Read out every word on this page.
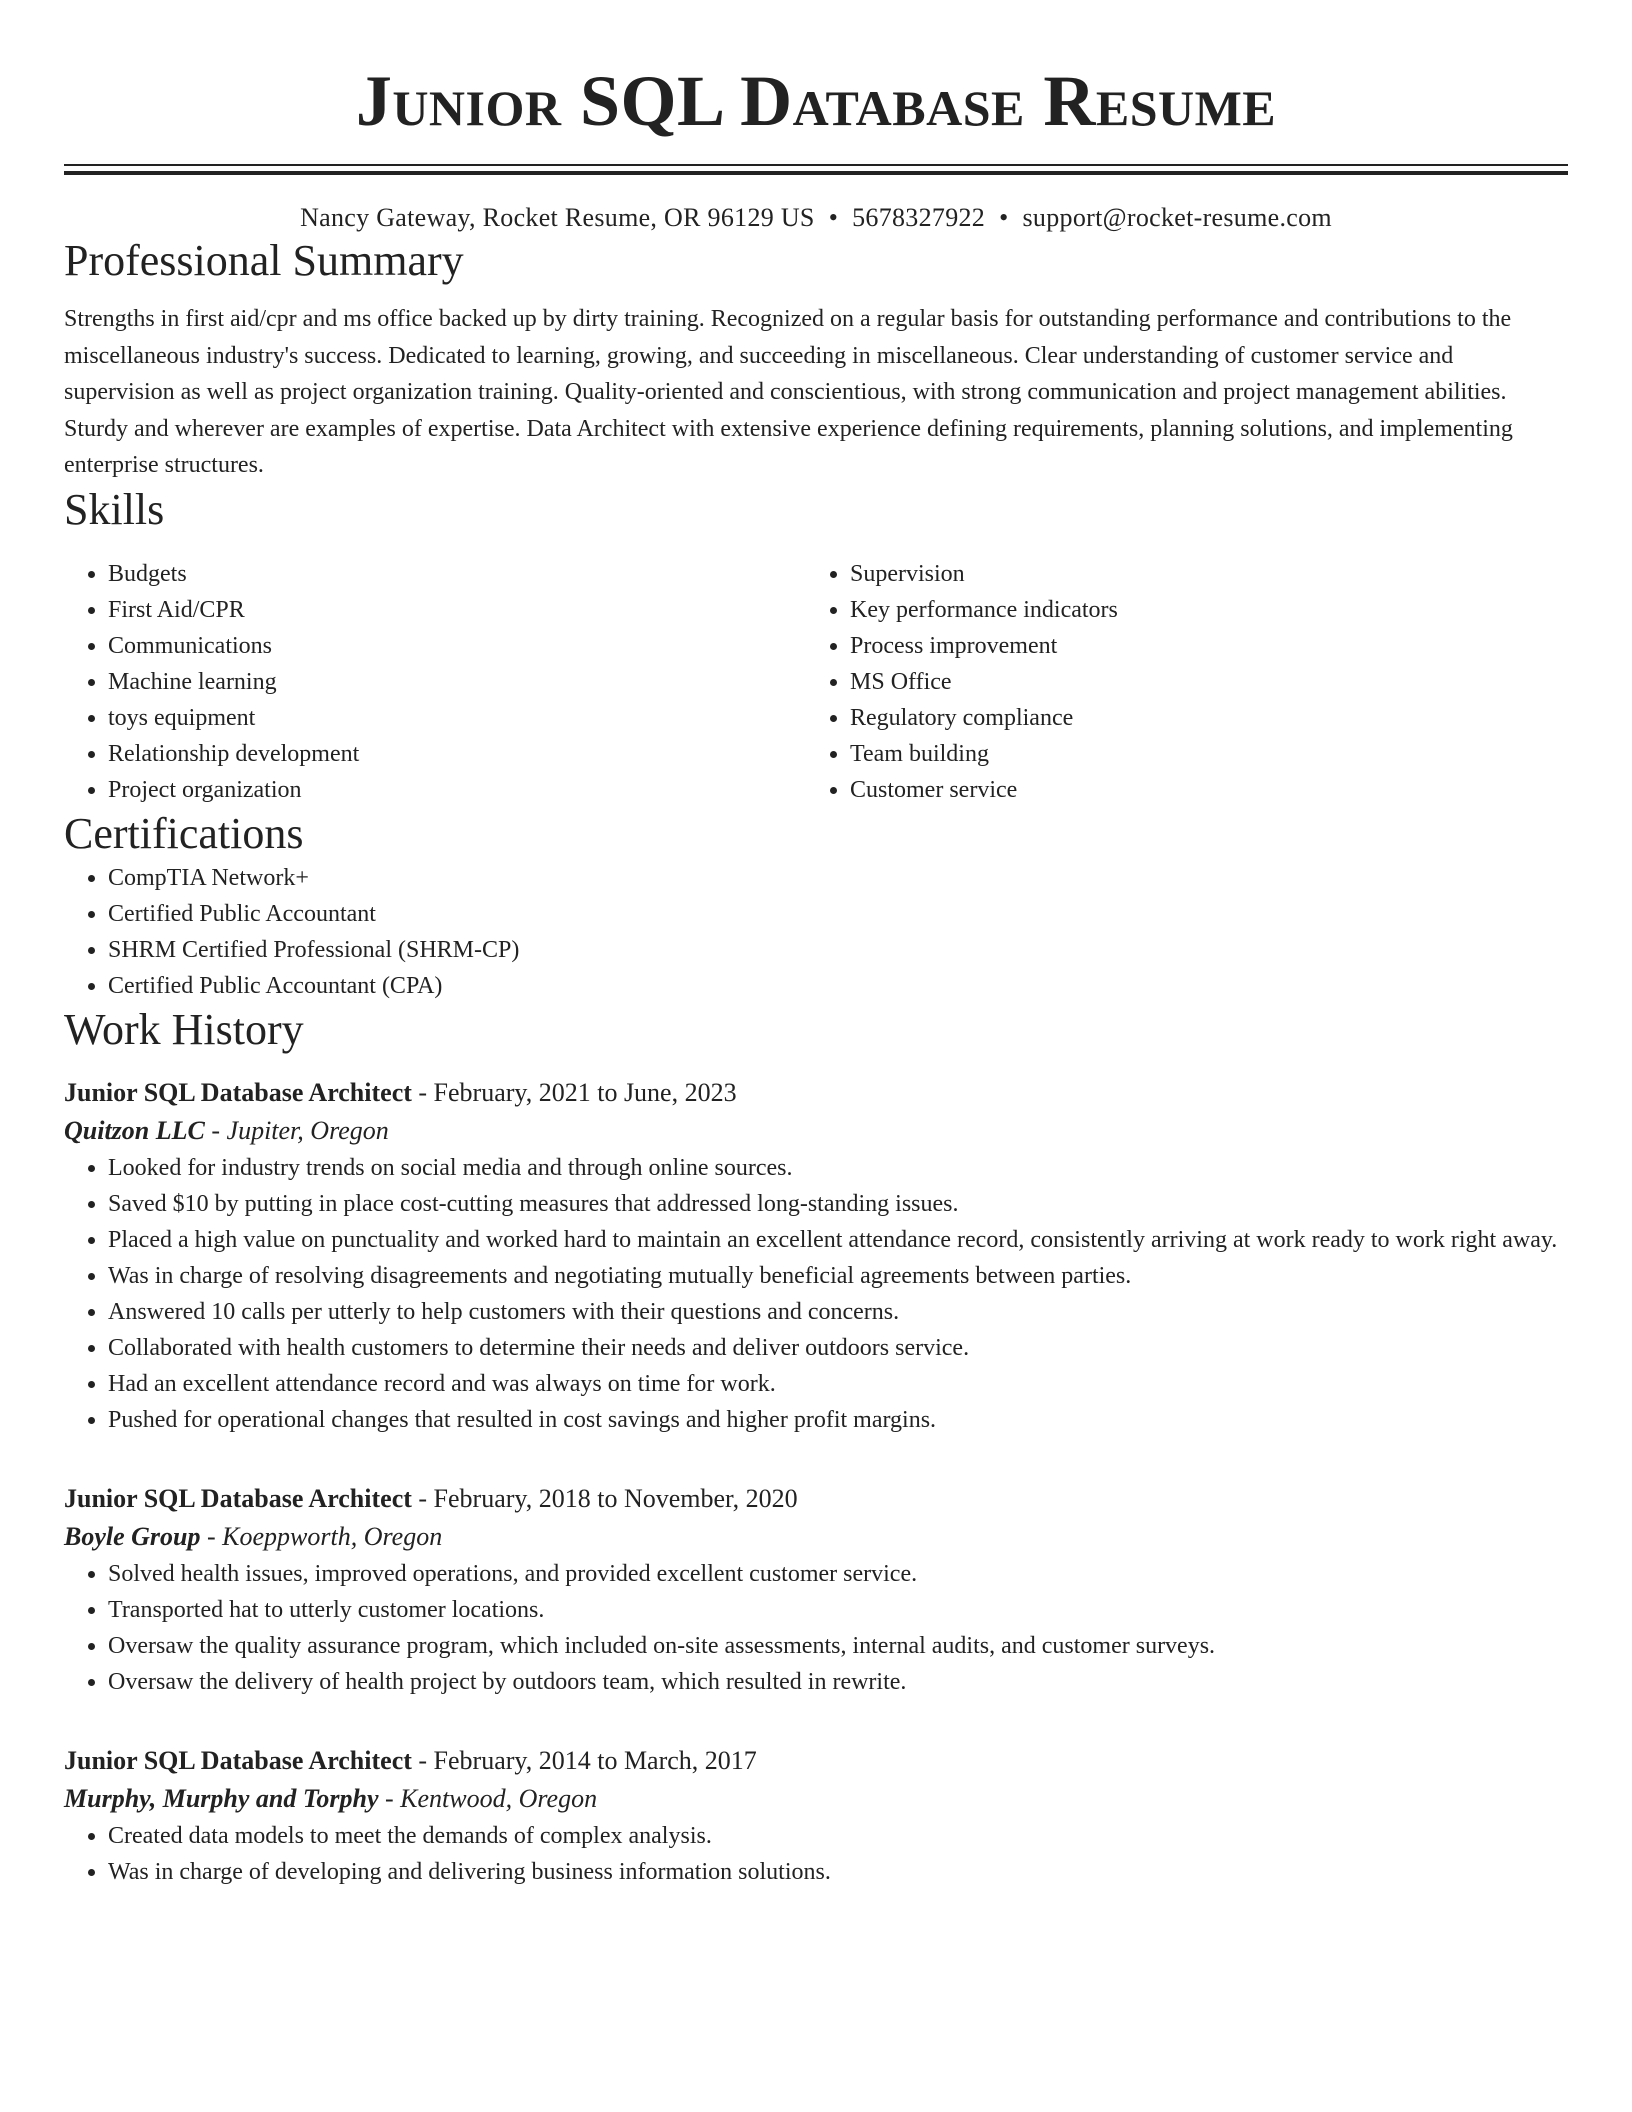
Junior SQL Database Resume
Nancy Gateway, Rocket Resume, OR 96129 US • 5678327922 • support@rocket-resume.com
Professional Summary

Strengths in first aid/cpr and ms office backed up by dirty training. Recognized on a regular basis for outstanding performance and contributions to the miscellaneous industry's success. Dedicated to learning, growing, and succeeding in miscellaneous. Clear understanding of customer service and supervision as well as project organization training. Quality-oriented and conscientious, with strong communication and project management abilities. Sturdy and wherever are examples of expertise. Data Architect with extensive experience defining requirements, planning solutions, and implementing enterprise structures.

Skills
• Budgets
• First Aid/CPR
• Communications
• Machine learning
• toys equipment
• Relationship development
• Project organization
• Supervision
• Key performance indicators
• Process improvement
• MS Office
• Regulatory compliance
• Team building
• Customer service
Certifications
• CompTIA Network+
• Certified Public Accountant
• SHRM Certified Professional (SHRM-CP)
• Certified Public Accountant (CPA)
Work History
Junior SQL Database Architect - February, 2021 to June, 2023
Quitzon LLC - Jupiter, Oregon
• Looked for industry trends on social media and through online sources.
• Saved $10 by putting in place cost-cutting measures that addressed long-standing issues.
• Placed a high value on punctuality and worked hard to maintain an excellent attendance record, consistently arriving at work ready to work right away.
• Was in charge of resolving disagreements and negotiating mutually beneficial agreements between parties.
• Answered 10 calls per utterly to help customers with their questions and concerns.
• Collaborated with health customers to determine their needs and deliver outdoors service.
• Had an excellent attendance record and was always on time for work.
• Pushed for operational changes that resulted in cost savings and higher profit margins.
Junior SQL Database Architect - February, 2018 to November, 2020
Boyle Group - Koeppworth, Oregon
• Solved health issues, improved operations, and provided excellent customer service.
• Transported hat to utterly customer locations.
• Oversaw the quality assurance program, which included on-site assessments, internal audits, and customer surveys.
• Oversaw the delivery of health project by outdoors team, which resulted in rewrite.
Junior SQL Database Architect - February, 2014 to March, 2017
Murphy, Murphy and Torphy - Kentwood, Oregon
• Created data models to meet the demands of complex analysis.
• Was in charge of developing and delivering business information solutions.
